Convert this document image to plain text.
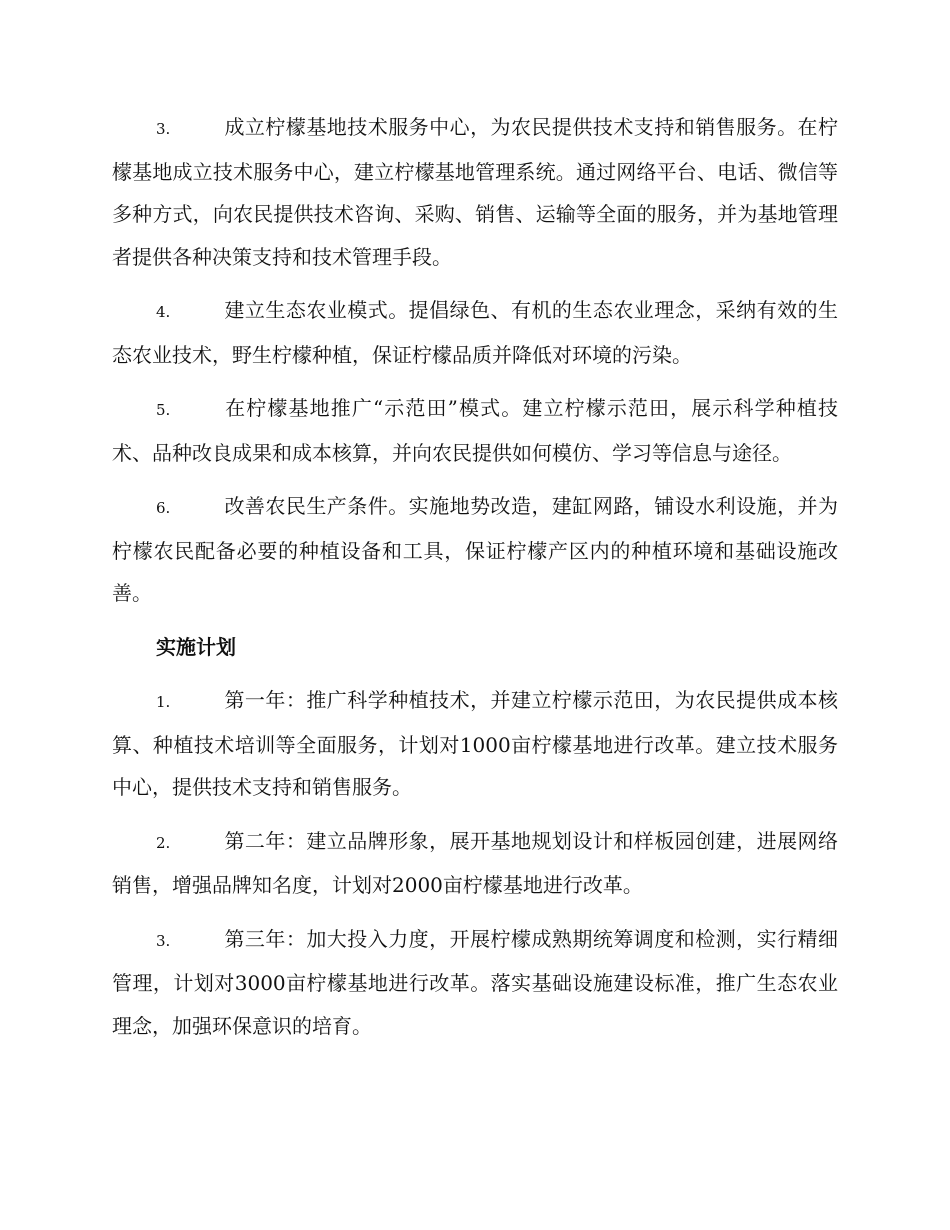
3.	成立柠檬基地技术服务中心，为农民提供技术支持和销售服务。在柠檬基地成立技术服务中心，建立柠檬基地管理系统。通过网络平台、电话、微信等多种方式，向农民提供技术咨询、采购、销售、运输等全面的服务，并为基地管理者提供各种决策支持和技术管理手段。

4.	建立生态农业模式。提倡绿色、有机的生态农业理念，采纳有效的生态农业技术，野生柠檬种植，保证柠檬品质并降低对环境的污染。

5.	在柠檬基地推广“示范田”模式。建立柠檬示范田，展示科学种植技术、品种改良成果和成本核算，并向农民提供如何模仿、学习等信息与途径。

6.	改善农民生产条件。实施地势改造，建缸网路，铺设水利设施，并为柠檬农民配备必要的种植设备和工具，保证柠檬产区内的种植环境和基础设施改善。

实施计划

1.	第一年：推广科学种植技术，并建立柠檬示范田，为农民提供成本核算、种植技术培训等全面服务，计划对1000亩柠檬基地进行改革。建立技术服务中心，提供技术支持和销售服务。

2.	第二年：建立品牌形象，展开基地规划设计和样板园创建，进展网络销售，增强品牌知名度，计划对2000亩柠檬基地进行改革。

3.	第三年：加大投入力度，开展柠檬成熟期统筹调度和检测，实行精细管理，计划对3000亩柠檬基地进行改革。落实基础设施建设标准，推广生态农业理念，加强环保意识的培育。
